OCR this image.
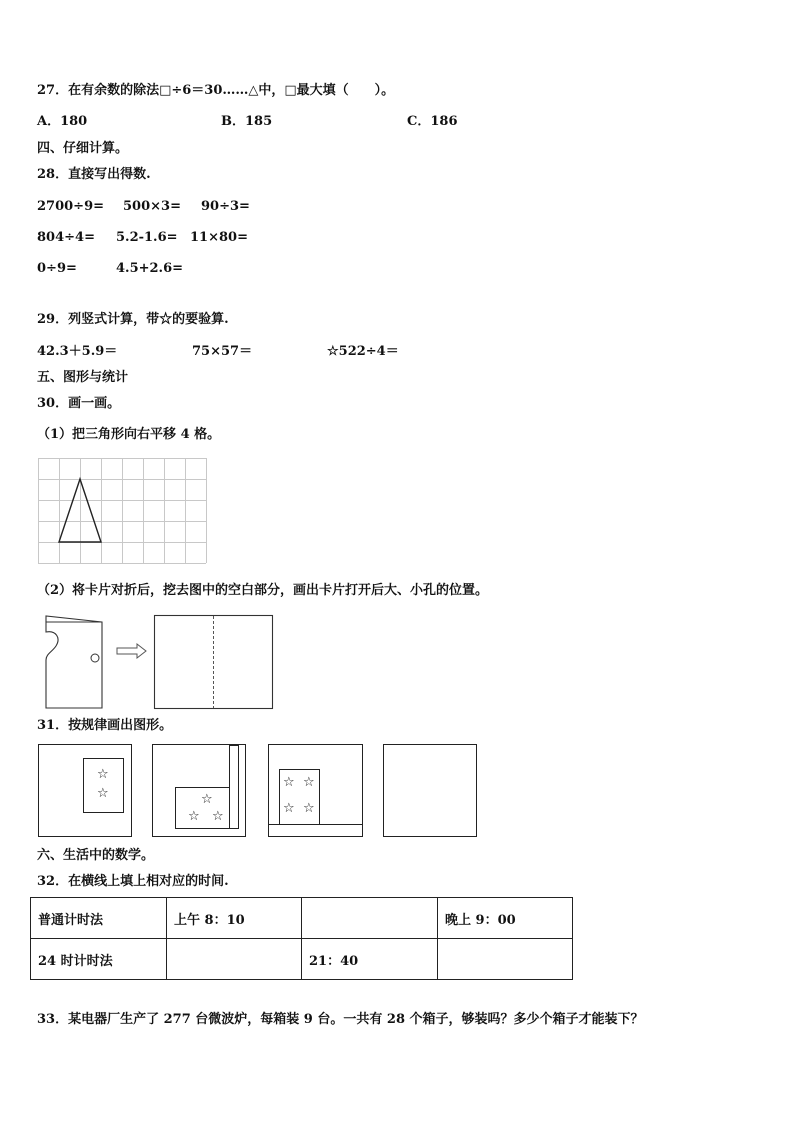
27．在有余数的除法□÷6＝30……△中，□最大填（　　）。
A．180	B．185	C．186
四、仔细计算。
28．直接写出得数.
2700÷9= 500×3= 90÷3=
804÷4= 5.2-1.6= 11×80=
0÷9=	4.5+2.6=
29．列竖式计算，带☆的要验算.
42.3＋5.9＝	75×57＝	☆522÷4＝
五、图形与统计
30．画一画。
（1）把三角形向右平移 4 格。
（2）将卡片对折后，挖去图中的空白部分，画出卡片打开后大、小孔的位置。
31．按规律画出图形。
☆
☆	☆
☆ ☆
☆ ☆
☆ ☆
六、生活中的数学。
32．在横线上填上相对应的时间.
普通计时法	上午 8：10		晚上 9：00
24 时计时法		21：40	
33．某电器厂生产了 277 台微波炉，每箱装 9 台。一共有 28 个箱子，够装吗？多少个箱子才能装下？
